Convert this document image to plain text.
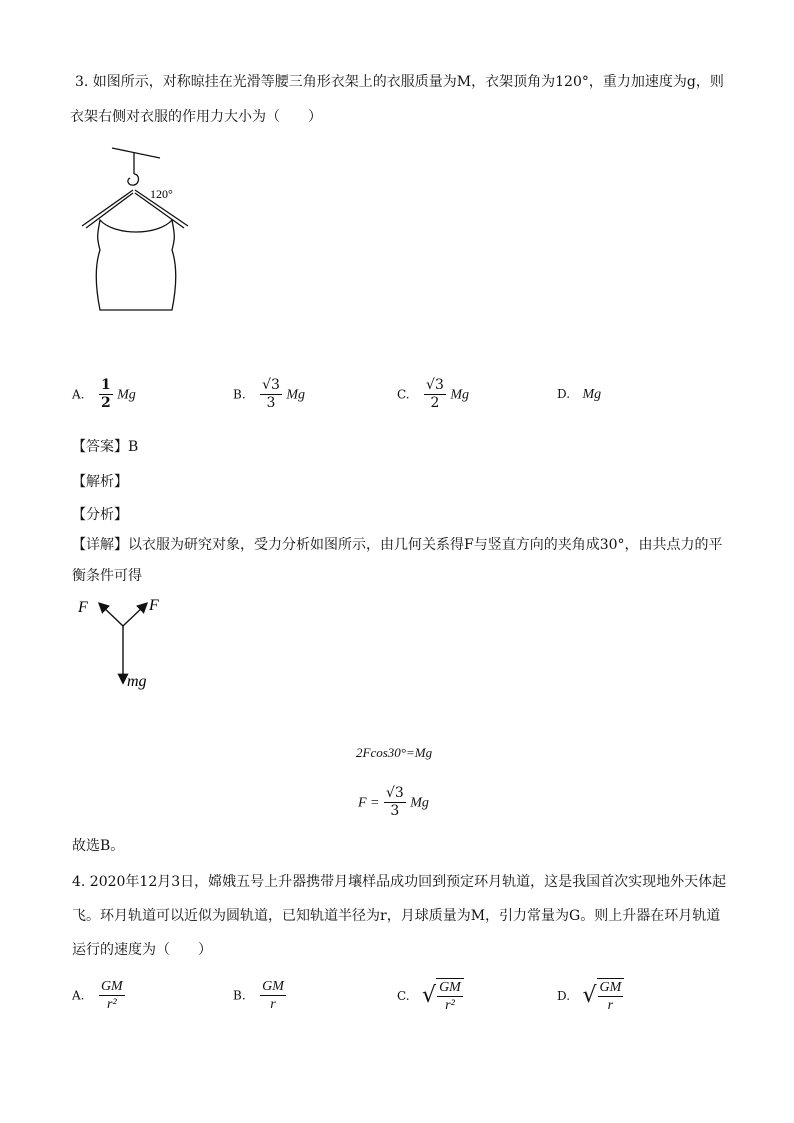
3. 如图所示，对称晾挂在光滑等腰三角形衣架上的衣服质量为M，衣架顶角为120°，重力加速度为g，则
衣架右侧对衣服的作用力大小为（　　）
120°
A. $\frac{1}{2}$ Mg	B. $\frac{√3}{3}$ Mg	C. $\frac{√3}{2}$ Mg	D. Mg
【答案】B
【解析】
【分析】
【详解】以衣服为研究对象，受力分析如图所示，由几何关系得F与竖直方向的夹角成30°，由共点力的平
衡条件可得
F	F
mg
2Fcos30°=Mg
$F = \frac{√3}{3}$ Mg
故选B。
4. 2020年12月3日，嫦娥五号上升器携带月壤样品成功回到预定环月轨道，这是我国首次实现地外天体起
飞。环月轨道可以近似为圆轨道，已知轨道半径为r，月球质量为M，引力常量为G。则上升器在环月轨道
运行的速度为（　　）
A. $\frac{GM}{\text{r²}}$	B. $\frac{GM}{r}$	C. √ $\frac{GM}{\text{r²}}$	D. √ $\frac{GM}{r}$
